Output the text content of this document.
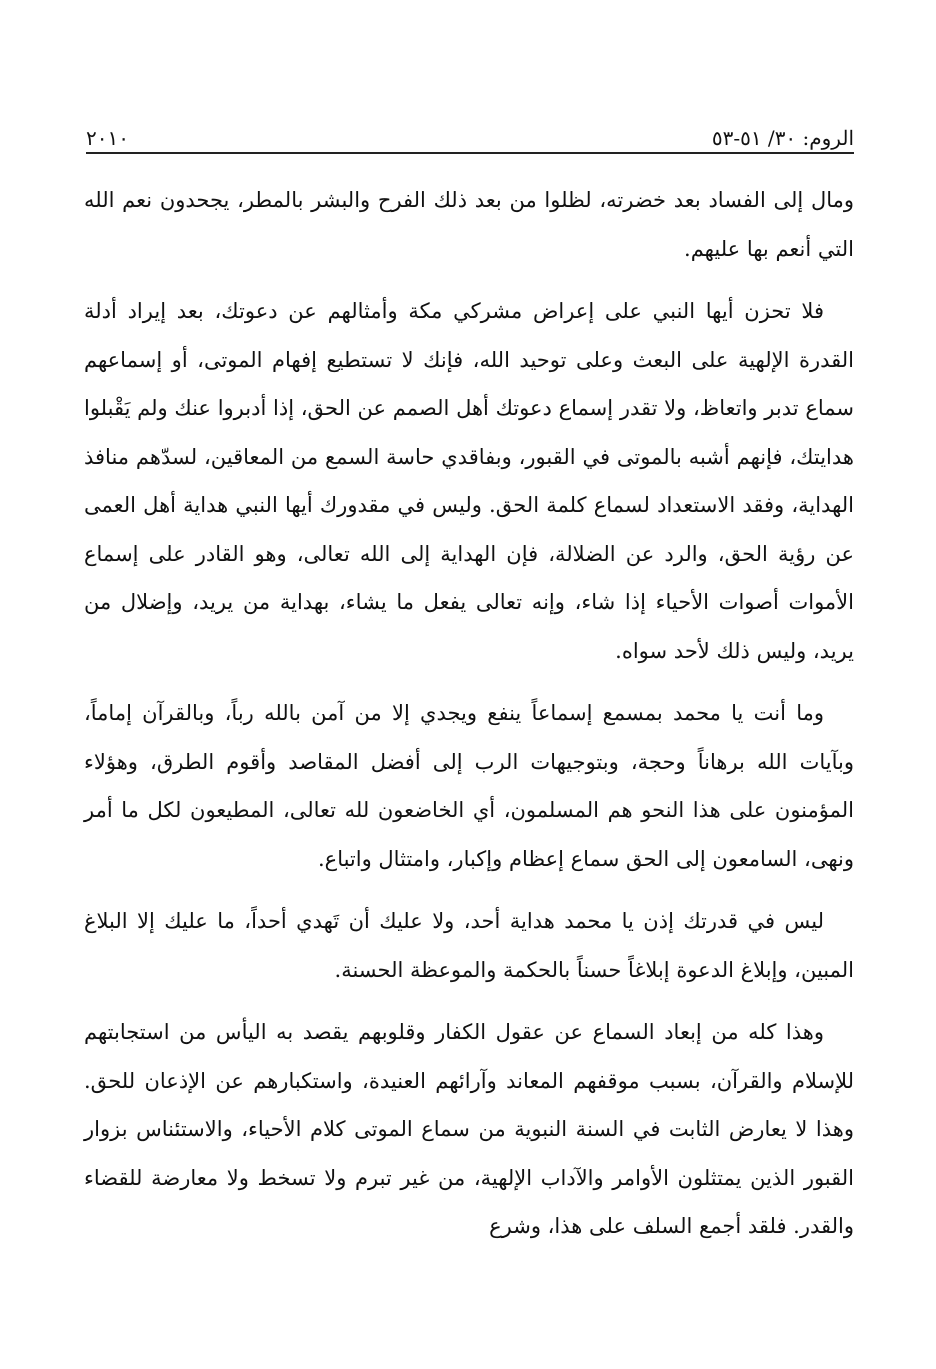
الروم: ٣٠/ ٥١-٥٣
٢٠١٠

ومال إلى الفساد بعد خضرته، لظلوا من بعد ذلك الفرح والبشر بالمطر، يجحدون نعم الله التي أنعم بها عليهم.

فلا تحزن أيها النبي على إعراض مشركي مكة وأمثالهم عن دعوتك، بعد إيراد أدلة القدرة الإلهية على البعث وعلى توحيد الله، فإنك لا تستطيع إفهام الموتى، أو إسماعهم سماع تدبر واتعاظ، ولا تقدر إسماع دعوتك أهل الصمم عن الحق، إذا أدبروا عنك ولم يَقْبلوا هدايتك، فإنهم أشبه بالموتى في القبور، وبفاقدي حاسة السمع من المعاقين، لسدّهم منافذ الهداية، وفقد الاستعداد لسماع كلمة الحق. وليس في مقدورك أيها النبي هداية أهل العمى عن رؤية الحق، والرد عن الضلالة، فإن الهداية إلى الله تعالى، وهو القادر على إسماع الأموات أصوات الأحياء إذا شاء، وإنه تعالى يفعل ما يشاء، بهداية من يريد، وإضلال من يريد، وليس ذلك لأحد سواه.

وما أنت يا محمد بمسمع إسماعاً ينفع ويجدي إلا من آمن بالله رباً، وبالقرآن إماماً، وبآيات الله برهاناً وحجة، وبتوجيهات الرب إلى أفضل المقاصد وأقوم الطرق، وهؤلاء المؤمنون على هذا النحو هم المسلمون، أي الخاضعون لله تعالى، المطيعون لكل ما أمر ونهى، السامعون إلى الحق سماع إعظام وإكبار، وامتثال واتباع.

ليس في قدرتك إذن يا محمد هداية أحد، ولا عليك أن تَهدي أحداً، ما عليك إلا البلاغ المبين، وإبلاغ الدعوة إبلاغاً حسناً بالحكمة والموعظة الحسنة.

وهذا كله من إبعاد السماع عن عقول الكفار وقلوبهم يقصد به اليأس من استجابتهم للإسلام والقرآن، بسبب موقفهم المعاند وآرائهم العنيدة، واستكبارهم عن الإذعان للحق. وهذا لا يعارض الثابت في السنة النبوية من سماع الموتى كلام الأحياء، والاستئناس بزوار القبور الذين يمتثلون الأوامر والآداب الإلهية، من غير تبرم ولا تسخط ولا معارضة للقضاء والقدر. فلقد أجمع السلف على هذا، وشرع
